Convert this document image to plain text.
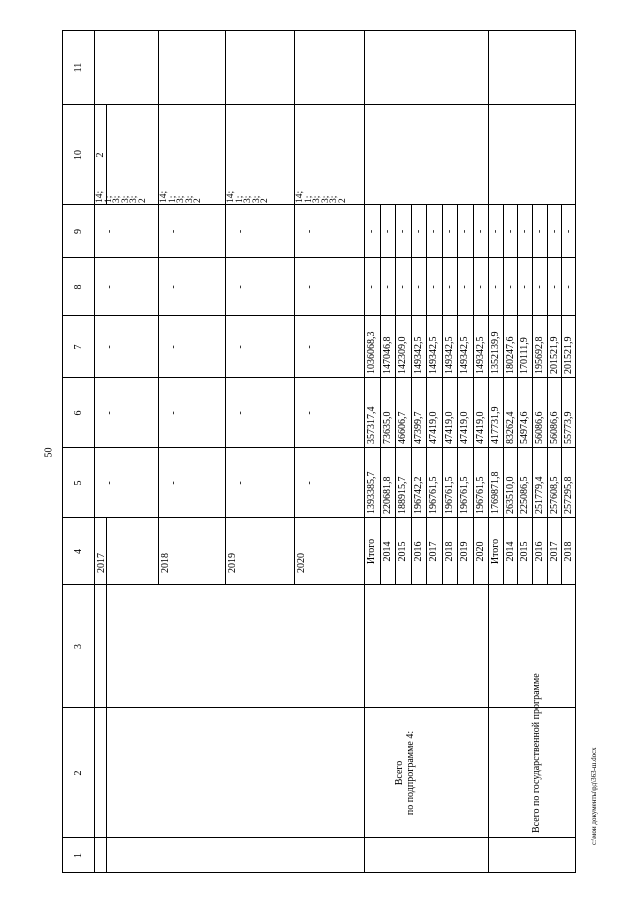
50
c:\мои документы\рд\363-ш.docx
1
2
3
4
5
6
7
8
9
10
11
2
2017
-
-
-
-
-
14;
1;
3;
3;
3;
2
2018
-
-
-
-
-
14;
1;
3;
3;
2
2019
-
-
-
-
-
14;
1;
3;
3;
2
2020
-
-
-
-
-
14;
1;
3;
3;
3;
2
Итого
1393385,7
357317,4
1036068,3
-
-
2014
220681,8
73635,0
147046,8
-
-
2015
188915,7
46606,7
142309,0
-
-
2016
196742,2
47399,7
149342,5
-
-
2017
196761,5
47419,0
149342,5
-
-
2018
196761,5
47419,0
149342,5
-
-
2019
196761,5
47419,0
149342,5
-
-
2020
196761,5
47419,0
149342,5
-
-
Итого
1769871,8
417731,9
1352139,9
-
-
2014
263510,0
83262,4
180247,6
-
-
2015
225086,5
54974,6
170111,9
-
-
2016
251779,4
56086,6
195692,8
-
-
2017
257608,5
56086,6
201521,9
-
-
2018
257295,8
55773,9
201521,9
-
-
Всего
по подпрограмме 4:	Всего по государственной программе
